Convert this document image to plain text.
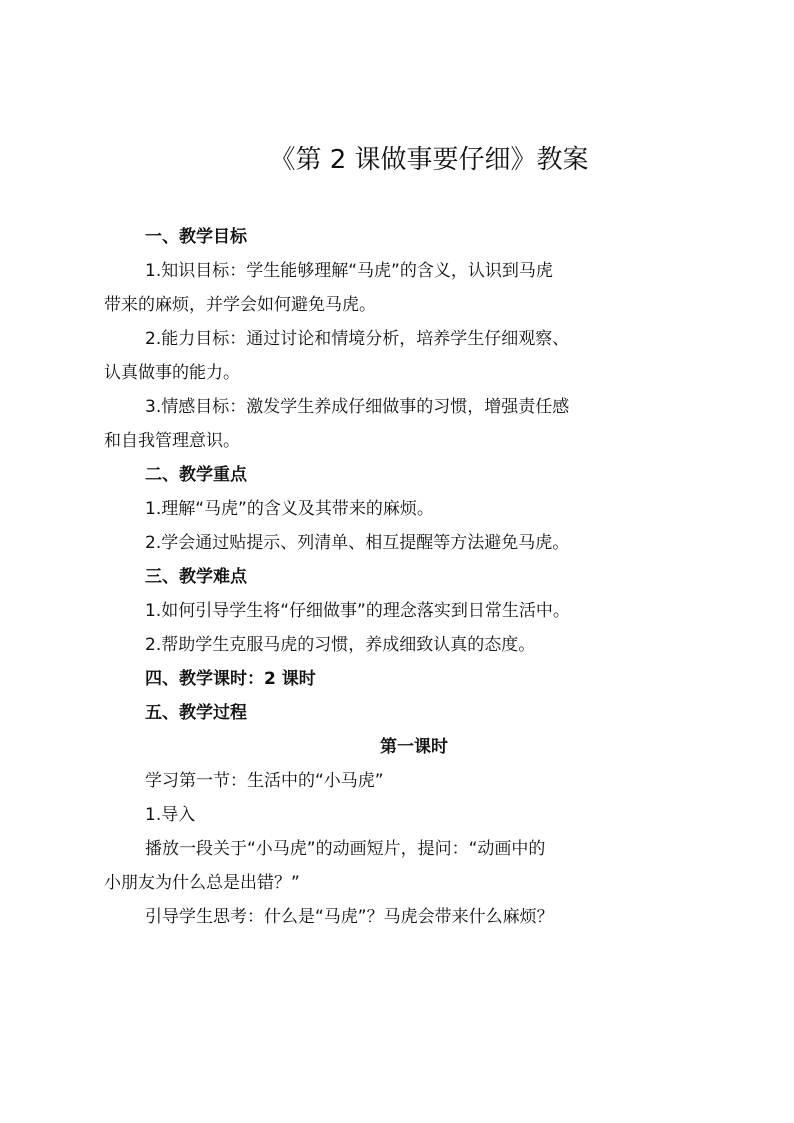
《第 2 课做事要仔细》教案
一、教学目标
1.知识目标：学生能够理解“马虎”的含义，认识到马虎
带来的麻烦，并学会如何避免马虎。
2.能力目标：通过讨论和情境分析，培养学生仔细观察、
认真做事的能力。
3.情感目标：激发学生养成仔细做事的习惯，增强责任感
和自我管理意识。
二、教学重点
1.理解“马虎”的含义及其带来的麻烦。
2.学会通过贴提示、列清单、相互提醒等方法避免马虎。
三、教学难点
1.如何引导学生将“仔细做事”的理念落实到日常生活中。
2.帮助学生克服马虎的习惯，养成细致认真的态度。
四、教学课时：2 课时
五、教学过程
第一课时
学习第一节：生活中的“小马虎”
1.导入
播放一段关于“小马虎”的动画短片，提问：“动画中的
小朋友为什么总是出错？”
引导学生思考：什么是“马虎”？马虎会带来什么麻烦？
